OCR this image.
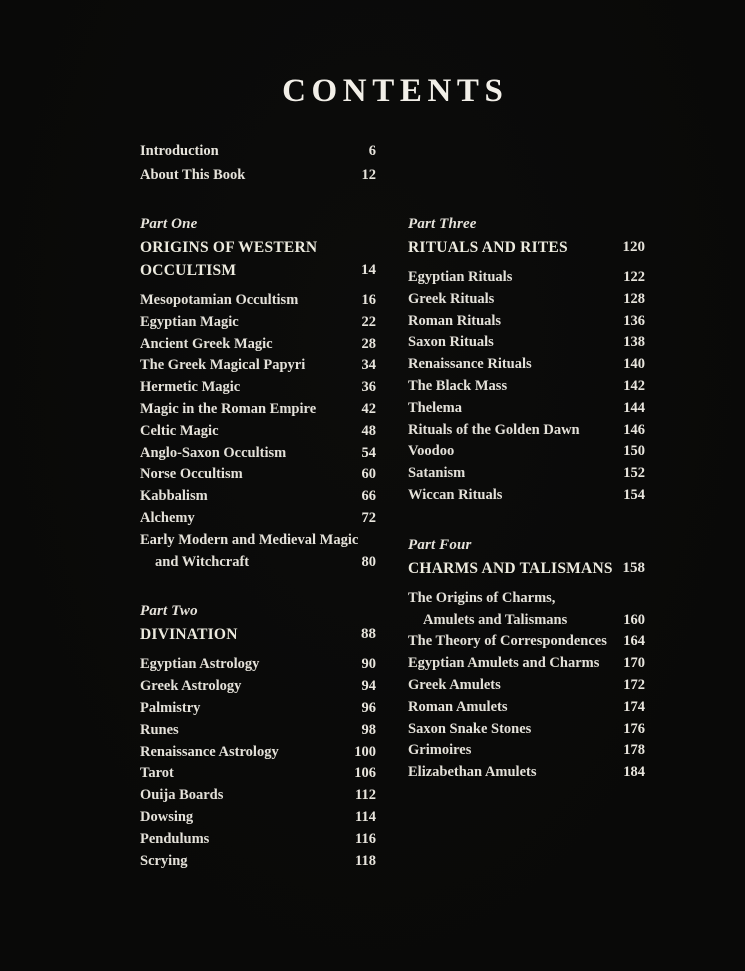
CONTENTS
Introduction	6
About This Book	12
Part One
ORIGINS OF WESTERN
OCCULTISM	14
Mesopotamian Occultism	16
Egyptian Magic	22
Ancient Greek Magic	28
The Greek Magical Papyri	34
Hermetic Magic	36
Magic in the Roman Empire	42
Celtic Magic	48
Anglo-Saxon Occultism	54
Norse Occultism	60
Kabbalism	66
Alchemy	72
Early Modern and Medieval Magic
and Witchcraft	80
Part Two
DIVINATION	88
Egyptian Astrology	90
Greek Astrology	94
Palmistry	96
Runes	98
Renaissance Astrology	100
Tarot	106
Ouija Boards	112
Dowsing	114
Pendulums	116
Scrying	118
Part Three
RITUALS AND RITES	120
Egyptian Rituals	122
Greek Rituals	128
Roman Rituals	136
Saxon Rituals	138
Renaissance Rituals	140
The Black Mass	142
Thelema	144
Rituals of the Golden Dawn	146
Voodoo	150
Satanism	152
Wiccan Rituals	154
Part Four
CHARMS AND TALISMANS 158
The Origins of Charms,
Amulets and Talismans	160
The Theory of Correspondences 164
Egyptian Amulets and Charms 170
Greek Amulets	172
Roman Amulets	174
Saxon Snake Stones	176
Grimoires	178
Elizabethan Amulets	184
